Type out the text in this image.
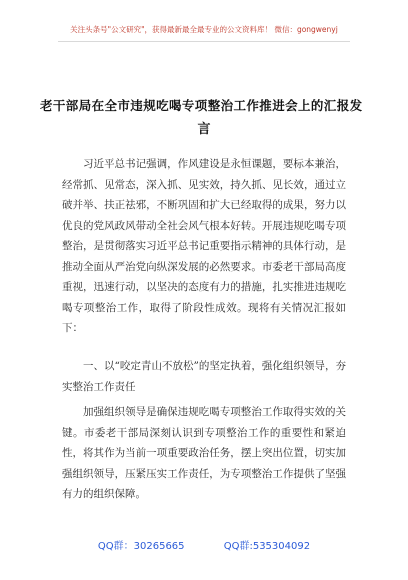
关注头条号"公文研究"，获得最新最全最专业的公文资料库！ 微信：gongwenyj
老干部局在全市违规吃喝专项整治工作推进会上的汇报发
言
习近平总书记强调，作风建设是永恒课题，要标本兼治，经常抓、见常态，深入抓、见实效，持久抓、见长效，通过立破并举、扶正祛邪，不断巩固和扩大已经取得的成果，努力以优良的党风政风带动全社会风气根本好转。开展违规吃喝专项整治，是贯彻落实习近平总书记重要指示精神的具体行动，是推动全面从严治党向纵深发展的必然要求。市委老干部局高度重视，迅速行动，以坚决的态度有力的措施，扎实推进违规吃喝专项整治工作，取得了阶段性成效。现将有关情况汇报如下：
一、以“咬定青山不放松”的坚定执着，强化组织领导，夯实整治工作责任
加强组织领导是确保违规吃喝专项整治工作取得实效的关键。市委老干部局深刻认识到专项整治工作的重要性和紧迫性，将其作为当前一项重要政治任务，摆上突出位置，切实加强组织领导，压紧压实工作责任，为专项整治工作提供了坚强有力的组织保障。
QQ群：30265665	QQ群:535304092
